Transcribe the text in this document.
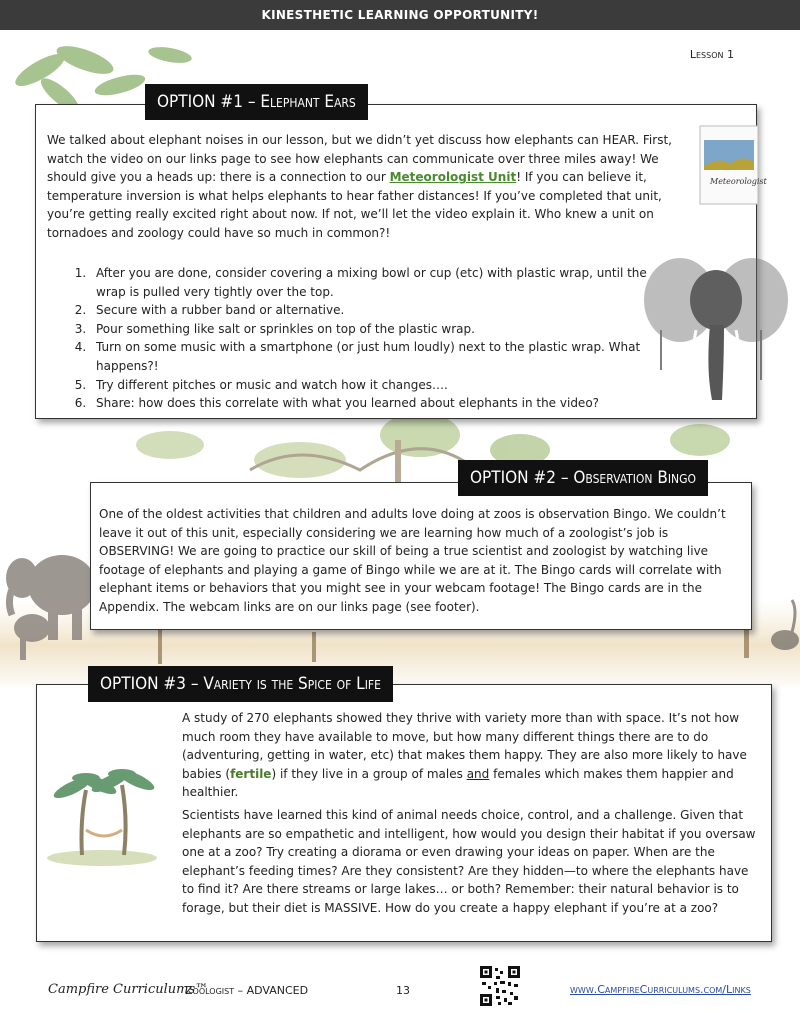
KINESTHETIC LEARNING OPPORTUNITY!
Lesson 1
OPTION #1 – Elephant Ears

We talked about elephant noises in our lesson, but we didn’t yet discuss how elephants can HEAR. First, watch the video on our links page to see how elephants can communicate over three miles away! We should give you a heads up: there is a connection to our Meteorologist Unit! If you can believe it, temperature inversion is what helps elephants to hear father distances! If you’ve completed that unit, you’re getting really excited right about now. If not, we’ll let the video explain it. Who knew a unit on tornadoes and zoology could have so much in common?!

Meteorologist
1. After you are done, consider covering a mixing bowl or cup (etc) with plastic wrap, until the wrap is pulled very tightly over the top.
2. Secure with a rubber band or alternative.
3. Pour something like salt or sprinkles on top of the plastic wrap.
4. Turn on some music with a smartphone (or just hum loudly) next to the plastic wrap. What happens?!
5. Try different pitches or music and watch how it changes….
6. Share: how does this correlate with what you learned about elephants in the video?
OPTION #2 – Observation Bingo

One of the oldest activities that children and adults love doing at zoos is observation Bingo. We couldn’t leave it out of this unit, especially considering we are learning how much of a zoologist’s job is OBSERVING! We are going to practice our skill of being a true scientist and zoologist by watching live footage of elephants and playing a game of Bingo while we are at it. The Bingo cards will correlate with elephant items or behaviors that you might see in your webcam footage! The Bingo cards are in the Appendix. The webcam links are on our links page (see footer).

OPTION #3 – Variety is the Spice of Life

A study of 270 elephants showed they thrive with variety more than with space. It’s not how much room they have available to move, but how many different things there are to do (adventuring, getting in water, etc) that makes them happy. They are also more likely to have babies (fertile) if they live in a group of males and females which makes them happier and healthier.

Scientists have learned this kind of animal needs choice, control, and a challenge. Given that elephants are so empathetic and intelligent, how would you design their habitat if you oversaw one at a zoo? Try creating a diorama or even drawing your ideas on paper. When are the elephant’s feeding times? Are they consistent? Are they hidden—to where the elephants have to find it? Are there streams or large lakes… or both? Remember: their natural behavior is to forage, but their diet is MASSIVE. How do you create a happy elephant if you’re at a zoo?

Campfire Curriculums™
Zoologist – ADVANCED	13	www.CampfireCurriculums.com/Links
